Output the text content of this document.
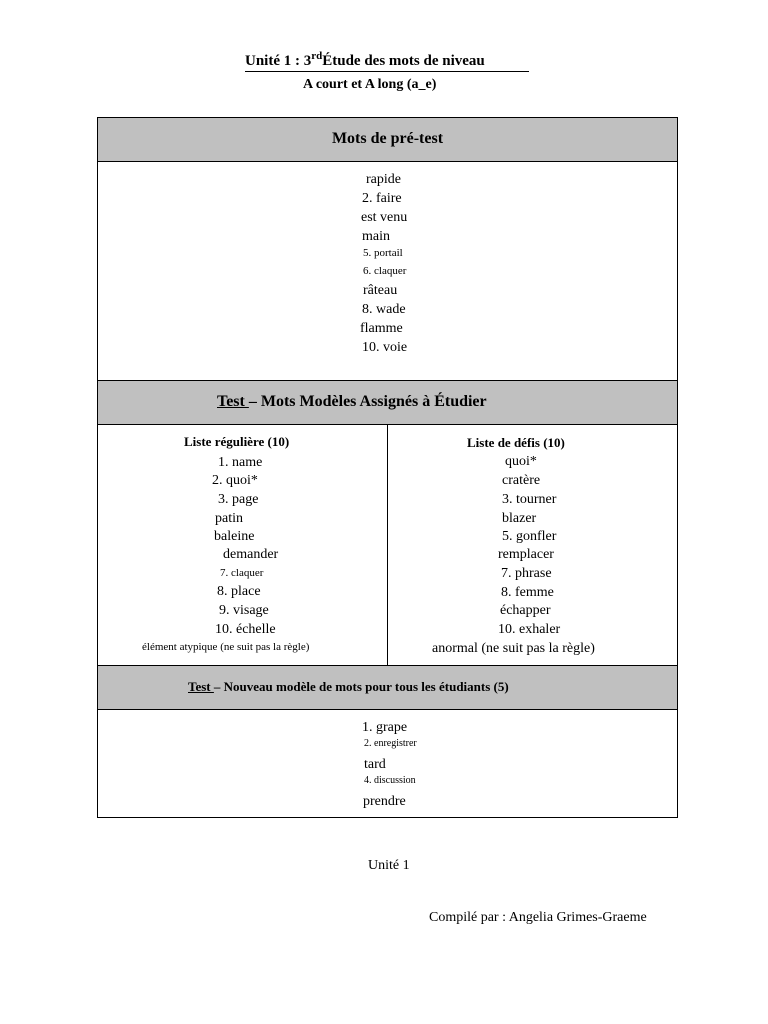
Unité 1 : 3rdÉtude des mots de niveau
A court et A long (a_e)
Mots de pré-test
rapide
2. faire
est venu
main
5. portail
6. claquer
râteau
8. wade
flamme
10. voie
Test – Mots Modèles Assignés à Étudier
Liste régulière (10)
1. name
2. quoi*
3. page
patin
baleine
demander
7. claquer
8. place
9. visage
10. échelle
élément atypique (ne suit pas la règle)
Liste de défis (10)
quoi*
cratère
3. tourner
blazer
5. gonfler
remplacer
7. phrase
8. femme
échapper
10. exhaler
anormal (ne suit pas la règle)
Test – Nouveau modèle de mots pour tous les étudiants (5)
1. grape
2. enregistrer
tard
4. discussion
prendre
Unité 1
Compilé par : Angelia Grimes-Graeme
